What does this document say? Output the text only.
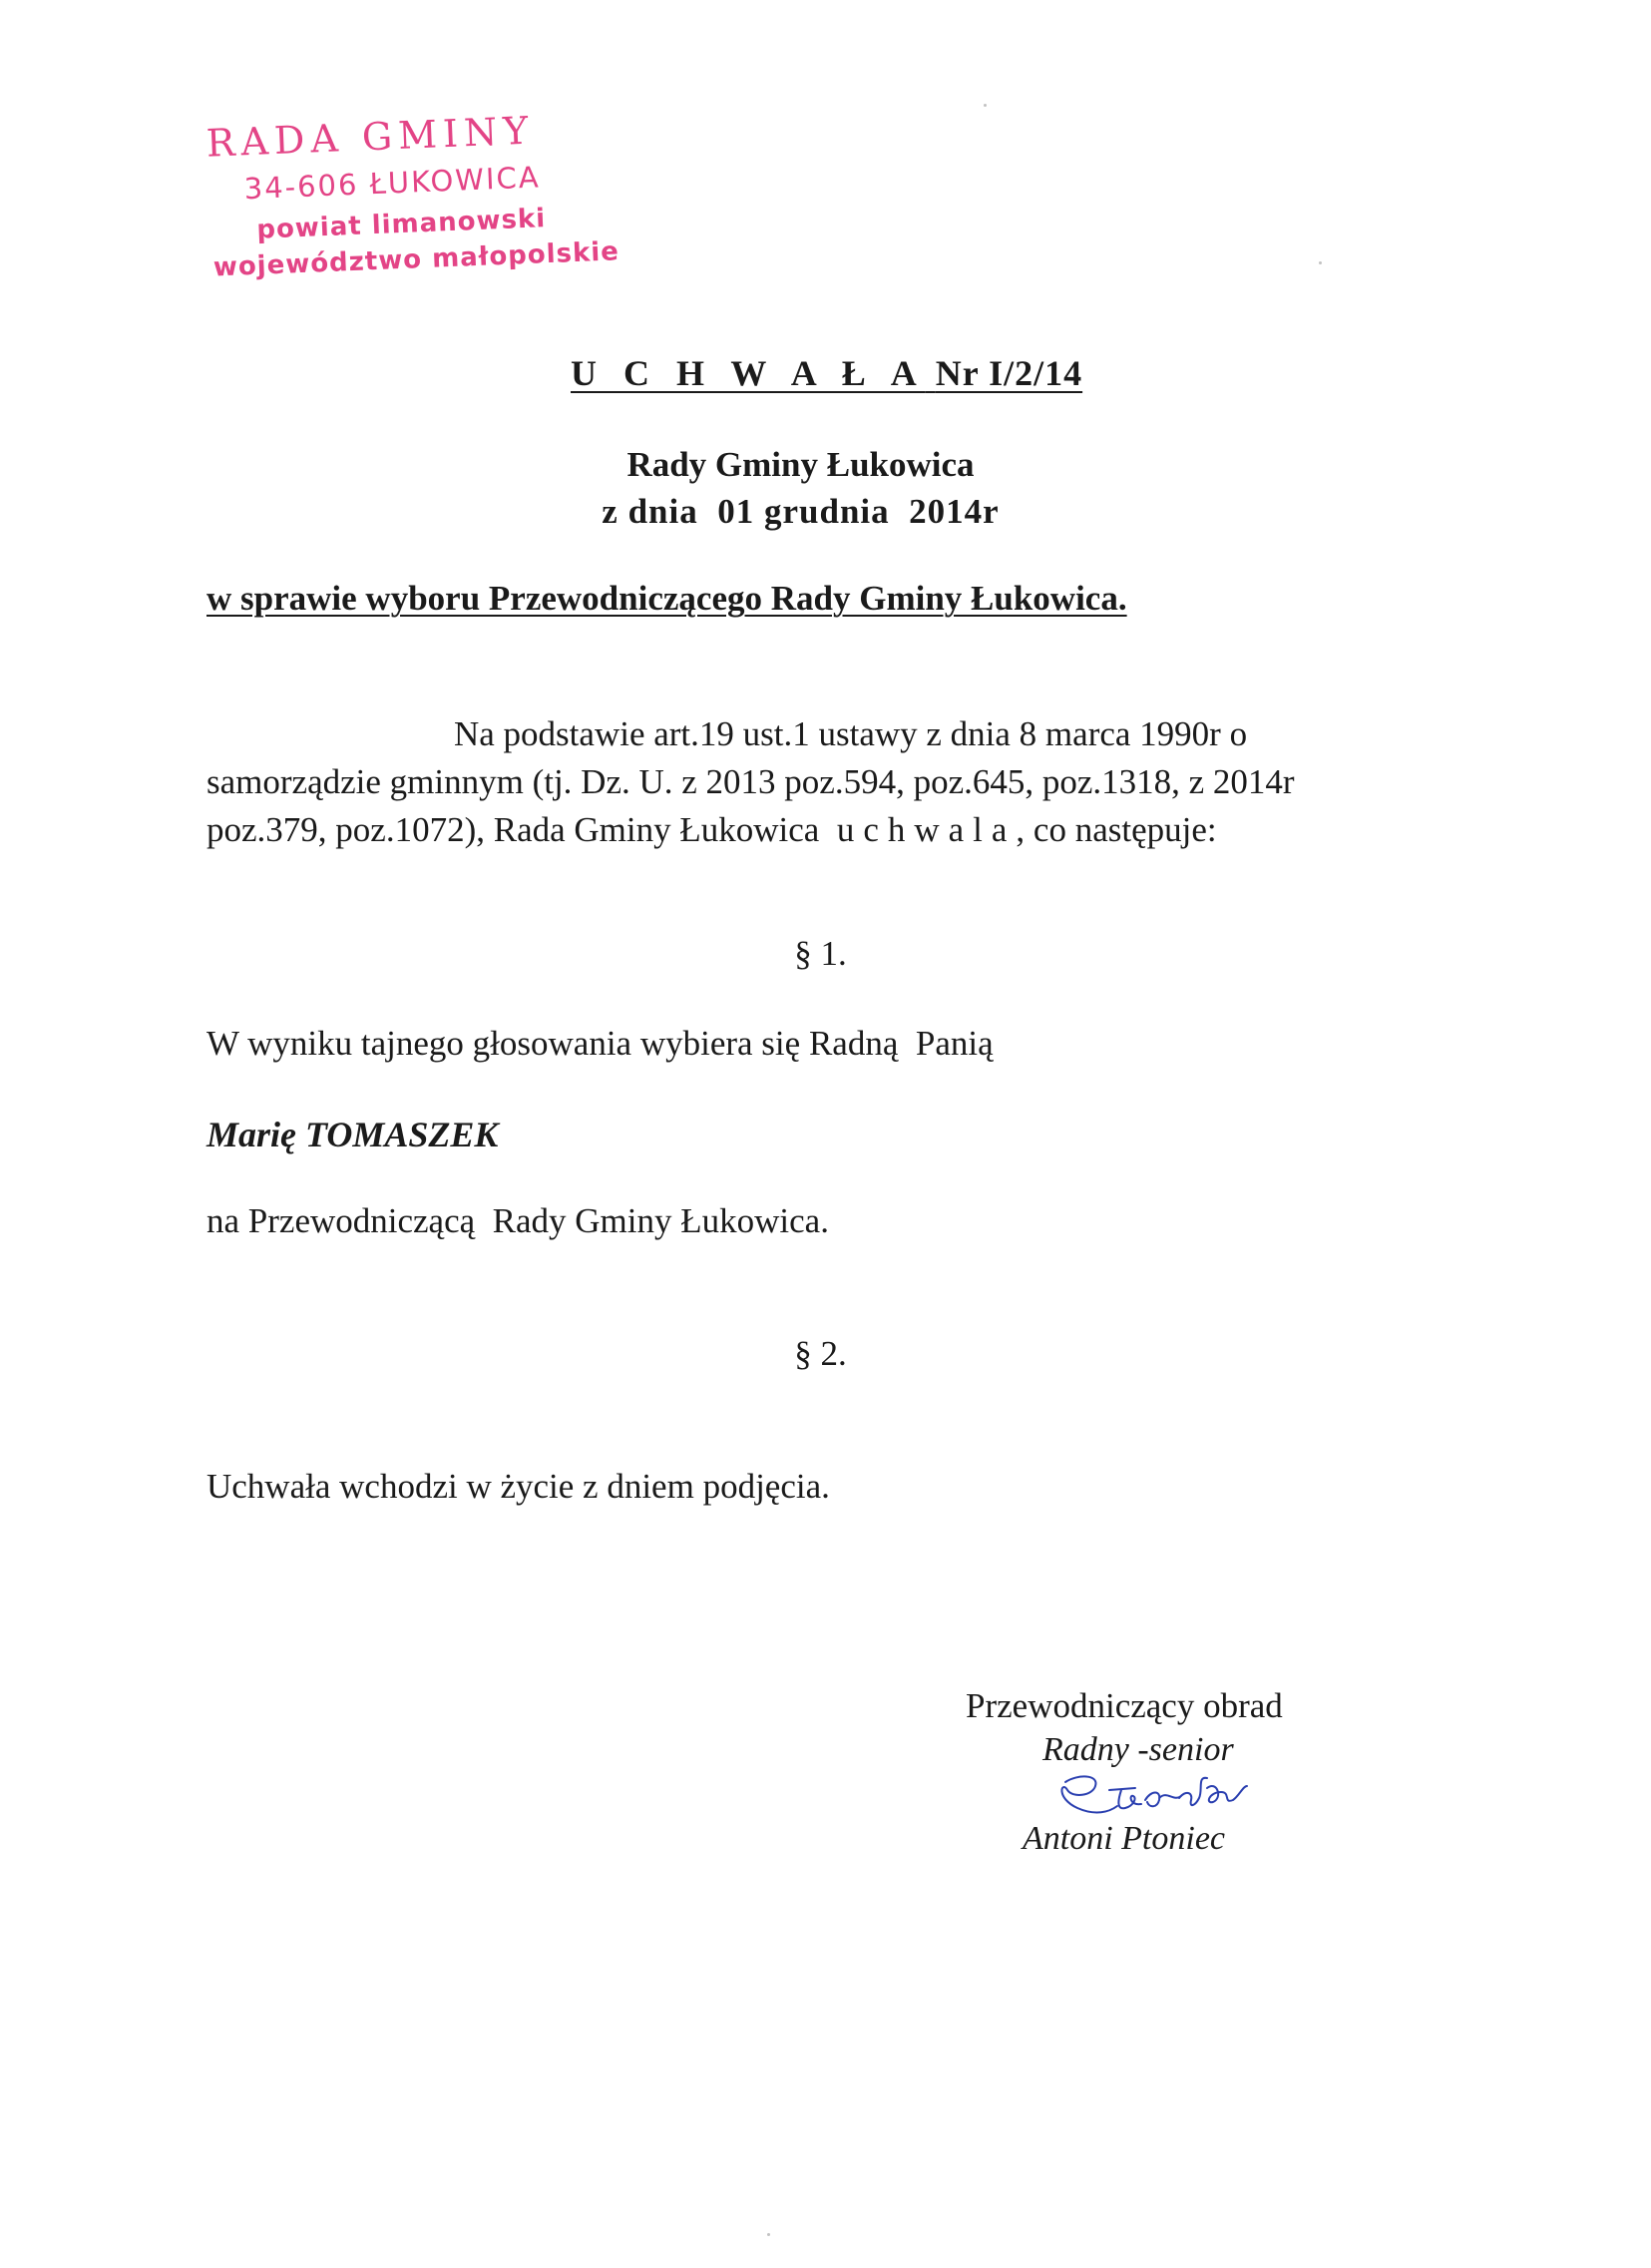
RADA GMINY
34-606 ŁUKOWICA
powiat limanowski
województwo małopolskie
U C H W A Ł A Nr I/2/14
Rady Gminy Łukowica
z dnia  01 grudnia  2014r
w sprawie wyboru Przewodniczącego Rady Gminy Łukowica.
Na podstawie art.19 ust.1 ustawy z dnia 8 marca 1990r o
samorządzie gminnym (tj. Dz. U. z 2013 poz.594, poz.645, poz.1318, z 2014r
poz.379, poz.1072), Rada Gminy Łukowica  uchwala, co następuje:
§ 1.
W wyniku tajnego głosowania wybiera się Radną  Panią
Marię TOMASZEK
na Przewodniczącą  Rady Gminy Łukowica.
§ 2.
Uchwała wchodzi w życie z dniem podjęcia.
Przewodniczący obrad
Radny -senior
Antoni Ptoniec
